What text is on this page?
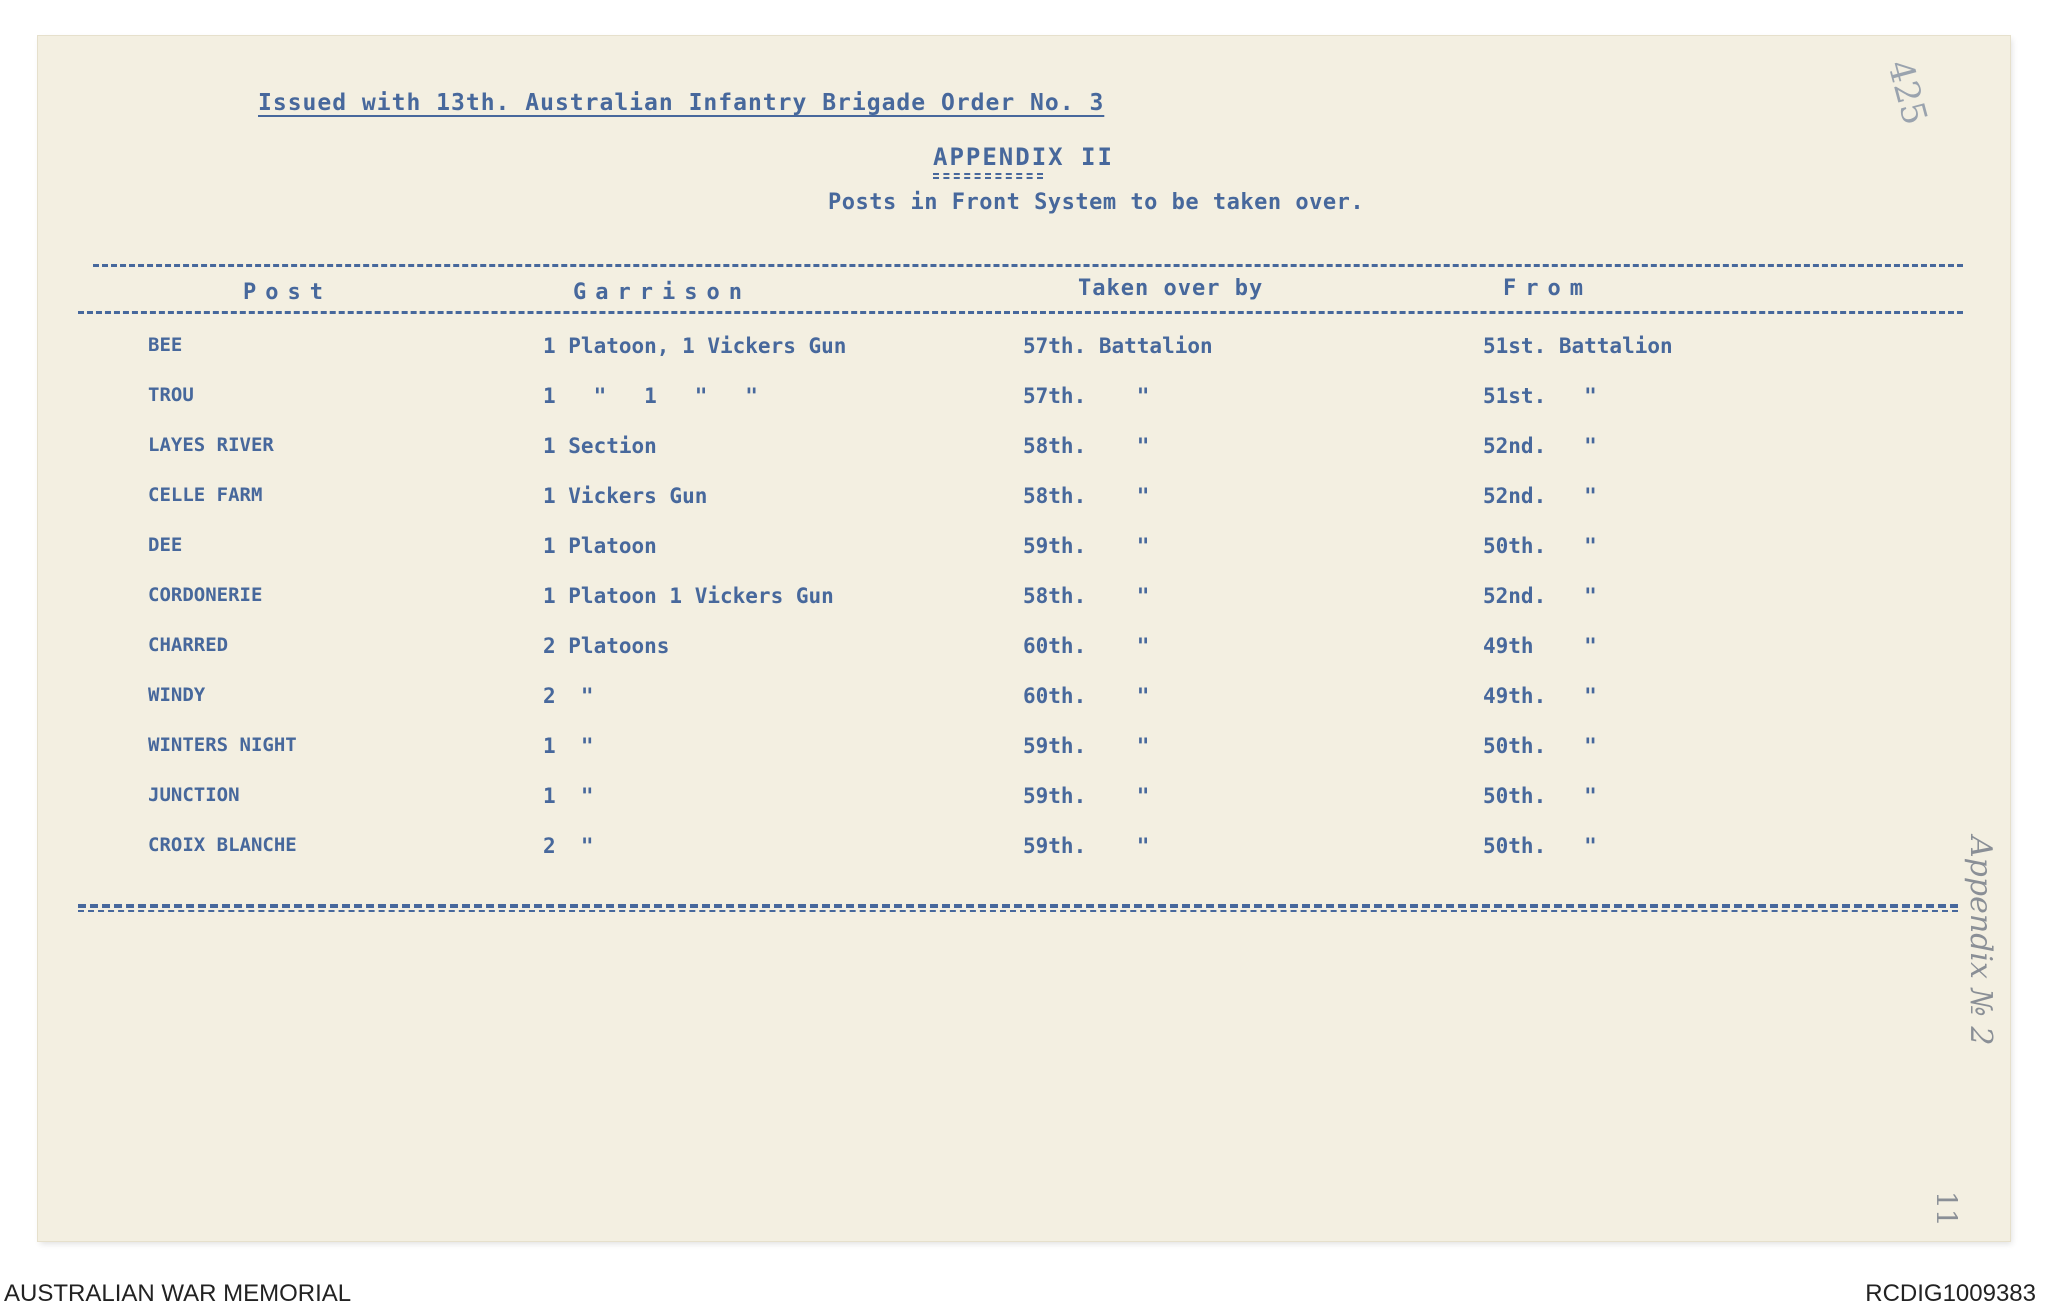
425
Issued with 13th. Australian Infantry Brigade Order No. 3
APPENDIX II
Posts in Front System to be taken over.
Post	Garrison	Taken over by	From
BEE	1 Platoon, 1 Vickers Gun	57th. Battalion	51st. Battalion
TROU	1   "   1   "   "	57th.    "	51st.   "
LAYES RIVER	1 Section	58th.    "	52nd.   "
CELLE FARM	1 Vickers Gun	58th.    "	52nd.   "
DEE	1 Platoon	59th.    "	50th.   "
CORDONERIE	1 Platoon 1 Vickers Gun	58th.    "	52nd.   "
CHARRED	2 Platoons	60th.    "	49th    "
WINDY	2  "	60th.    "	49th.   "
WINTERS NIGHT	1  "	59th.    "	50th.   "
JUNCTION	1  "	59th.    "	50th.   "
CROIX BLANCHE	2  "	59th.    "	50th.   "	Appendix № 2
11
AUSTRALIAN WAR MEMORIAL	RCDIG1009383
